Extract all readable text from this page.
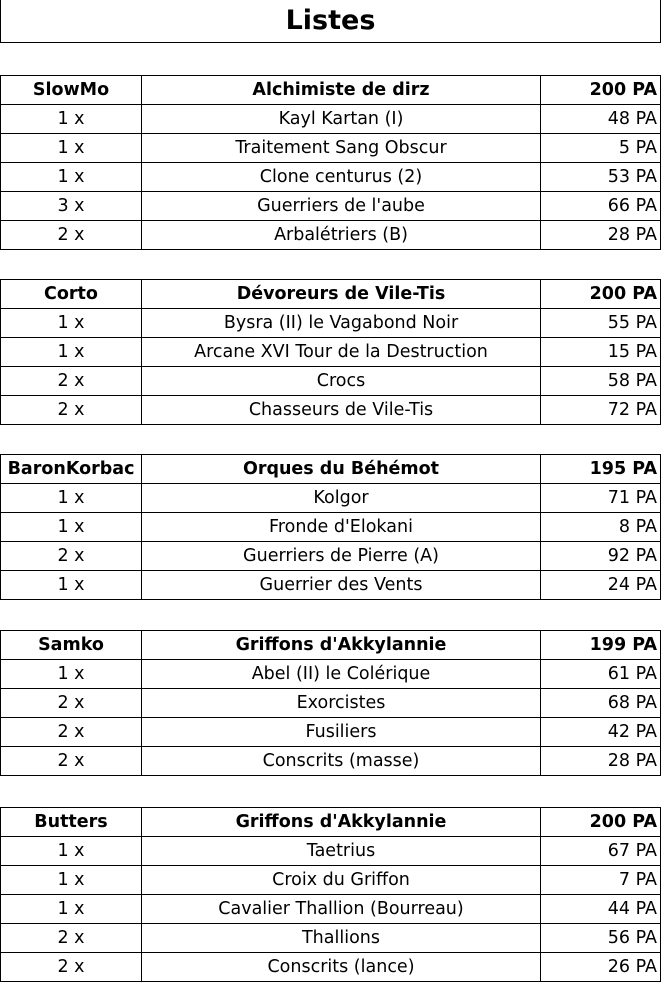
Listes
SlowMo	Alchimiste de dirz	200 PA
1 x	Kayl Kartan (I)	48 PA
1 x	Traitement Sang Obscur	5 PA
1 x	Clone centurus (2)	53 PA
3 x	Guerriers de l'aube	66 PA
2 x	Arbalétriers (B)	28 PA
Corto	Dévoreurs de Vile-Tis	200 PA
1 x	Bysra (II) le Vagabond Noir	55 PA
1 x	Arcane XVI Tour de la Destruction	15 PA
2 x	Crocs	58 PA
2 x	Chasseurs de Vile-Tis	72 PA
BaronKorbac	Orques du Béhémot	195 PA
1 x	Kolgor	71 PA
1 x	Fronde d'Elokani	8 PA
2 x	Guerriers de Pierre (A)	92 PA
1 x	Guerrier des Vents	24 PA
Samko	Griffons d'Akkylannie	199 PA
1 x	Abel (II) le Colérique	61 PA
2 x	Exorcistes	68 PA
2 x	Fusiliers	42 PA
2 x	Conscrits (masse)	28 PA
Butters	Griffons d'Akkylannie	200 PA
1 x	Taetrius	67 PA
1 x	Croix du Griffon	7 PA
1 x	Cavalier Thallion (Bourreau)	44 PA
2 x	Thallions	56 PA
2 x	Conscrits (lance)	26 PA
